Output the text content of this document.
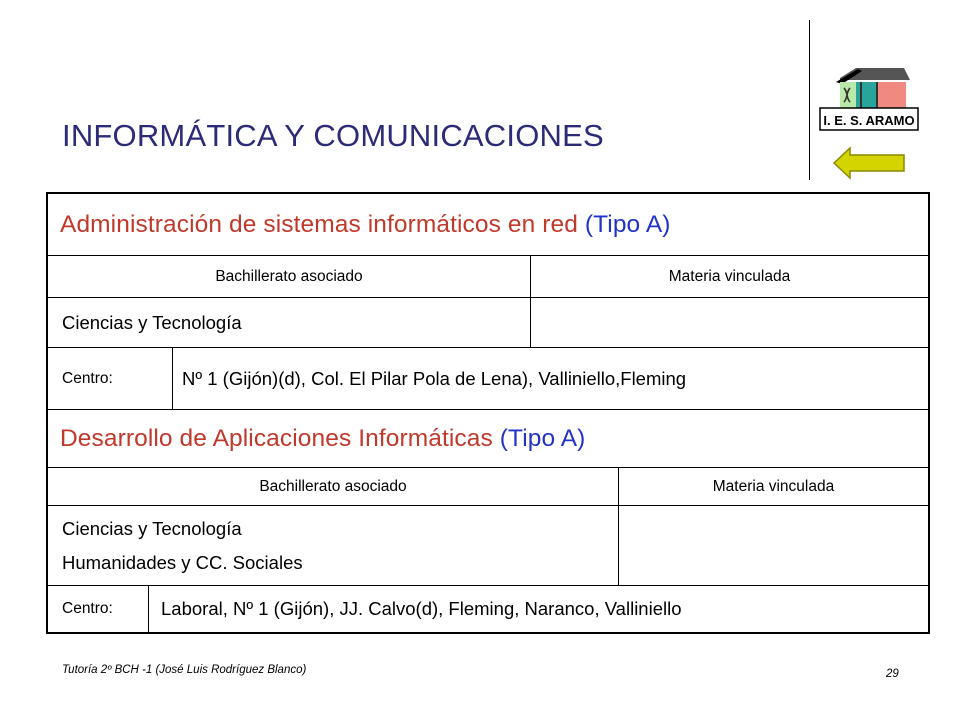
INFORMÁTICA Y COMUNICACIONES	I. E. S. ARAMO
Administración de sistemas informáticos en red
(Tipo A)
Bachillerato asociado	Materia vinculada
Ciencias y Tecnología
Centro:	Nº 1 (Gijón)(d), Col. El Pilar Pola de Lena), Valliniello,Fleming
Desarrollo de Aplicaciones Informáticas
(Tipo A)
Bachillerato asociado	Materia vinculada
Ciencias y Tecnología
Humanidades y CC. Sociales
Centro:	Laboral, Nº 1 (Gijón), JJ. Calvo(d), Fleming, Naranco, Valliniello
Tutoría 2º BCH -1 (José Luis Rodríguez Blanco)	29
